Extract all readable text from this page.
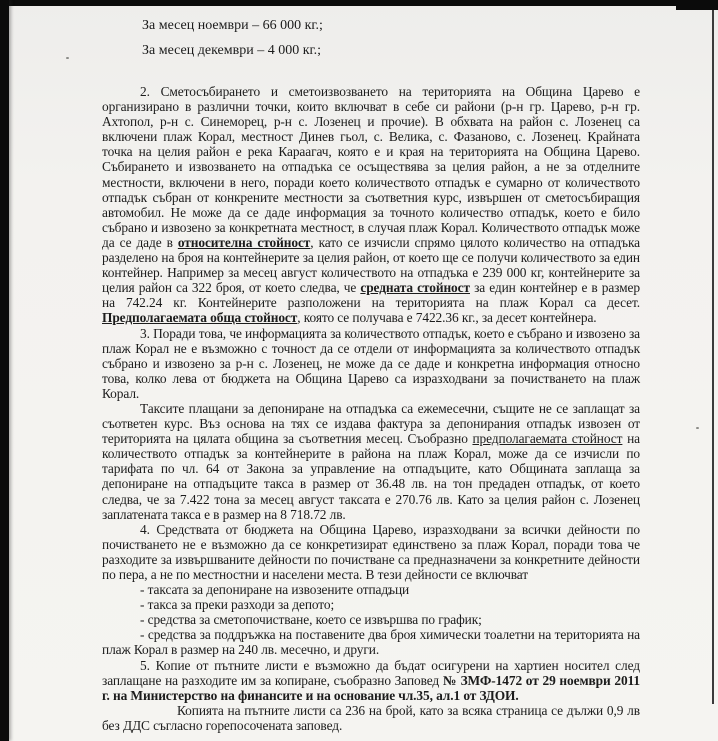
За месец ноември – 66 000 кг.;
За месец декември – 4 000 кг.;

2. Сметосъбирането и сметоизвозването на територията на Община Царево е организирано в различни точки, които включват в себе си райони (р-н гр. Царево, р-н гр. Ахтопол, р-н с. Синеморец, р-н с. Лозенец и прочие). В обхвата на район с. Лозенец са включени плаж Корал, местност Динев гьол, с. Велика, с. Фазаново, с. Лозенец. Крайната точка на целия район е река Караагач, която е и края на територията на Община Царево. Събирането и извозването на отпадъка се осъществява за целия район, а не за отделните местности, включени в него, поради което количеството отпадък е сумарно от количеството отпадък събран от конкрените местности за съответния курс, извършен от сметосъбиращия автомобил. Не може да се даде информация за точното количество отпадък, което е било събрано и извозено за конкретната местност, в случая плаж Корал. Количеството отпадък може да се даде в относителна стойност, като се изчисли спрямо цялото количество на отпадъка разделено на броя на контейнерите за целия район, от което ще се получи количеството за един контейнер. Например за месец август количеството на отпадъка е 239 000 кг, контейнерите за целия район са 322 броя, от което следва, че средната стойност за един контейнер е в размер на 742.24 кг. Контейнерите разположени на територията на плаж Корал са десет. Предполагаемата обща стойност, която се получава е 7422.36 кг., за десет контейнера.

3. Поради това, че информацията за количеството отпадък, което е събрано и извозено за плаж Корал не е възможно с точност да се отдели от информацията за количеството отпадък събрано и извозено за р-н с. Лозенец, не може да се даде и конкретна информация относно това, колко лева от бюджета на Община Царево са изразходвани за почистването на плаж Корал.

Таксите плащани за депониране на отпадъка са ежемесечни, същите не се заплащат за съответен курс. Въз основа на тях се издава фактура за депонирания отпадък извозен от територията на цялата община за съответния месец. Съобразно предполагаемата стойност на количеството отпадък за контейнерите в района на плаж Корал, може да се изчисли по тарифата по чл. 64 от Закона за управление на отпадъците, като Общината заплаща за депониране на отпадъците такса в размер от 36.48 лв. на тон предаден отпадък, от което следва, че за 7.422 тона за месец август таксата е 270.76 лв. Като за целия район с. Лозенец заплатената такса е в размер на 8 718.72 лв.

4. Средствата от бюджета на Община Царево, изразходвани за всички дейности по почистването не е възможно да се конкретизират единствено за плаж Корал, поради това че разходите за извършваните дейности по почистване са предназначени за конкретните дейности по пера, а не по местностни и населени места. В тези дейности се включват

- таксата за депониране на извозените отпадъци

- такса за преки разходи за депото;

- средства за сметопочистване, което се извършва по график;

- средства за поддръжка на поставените два броя химически тоалетни на територията на плаж Корал в размер на 240 лв. месечно, и други.

5. Копие от пътните листи е възможно да бъдат осигурени на хартиен носител след заплащане на разходите им за копиране, съобразно Заповед № ЗМФ-1472 от 29 ноември 2011 г. на Министерство на финансите и на основание чл.35, ал.1 от ЗДОИ.

Копията на пътните листи са 236 на брой, като за всяка страница се дължи 0,9 лв без ДДС съгласно горепосочената заповед.
